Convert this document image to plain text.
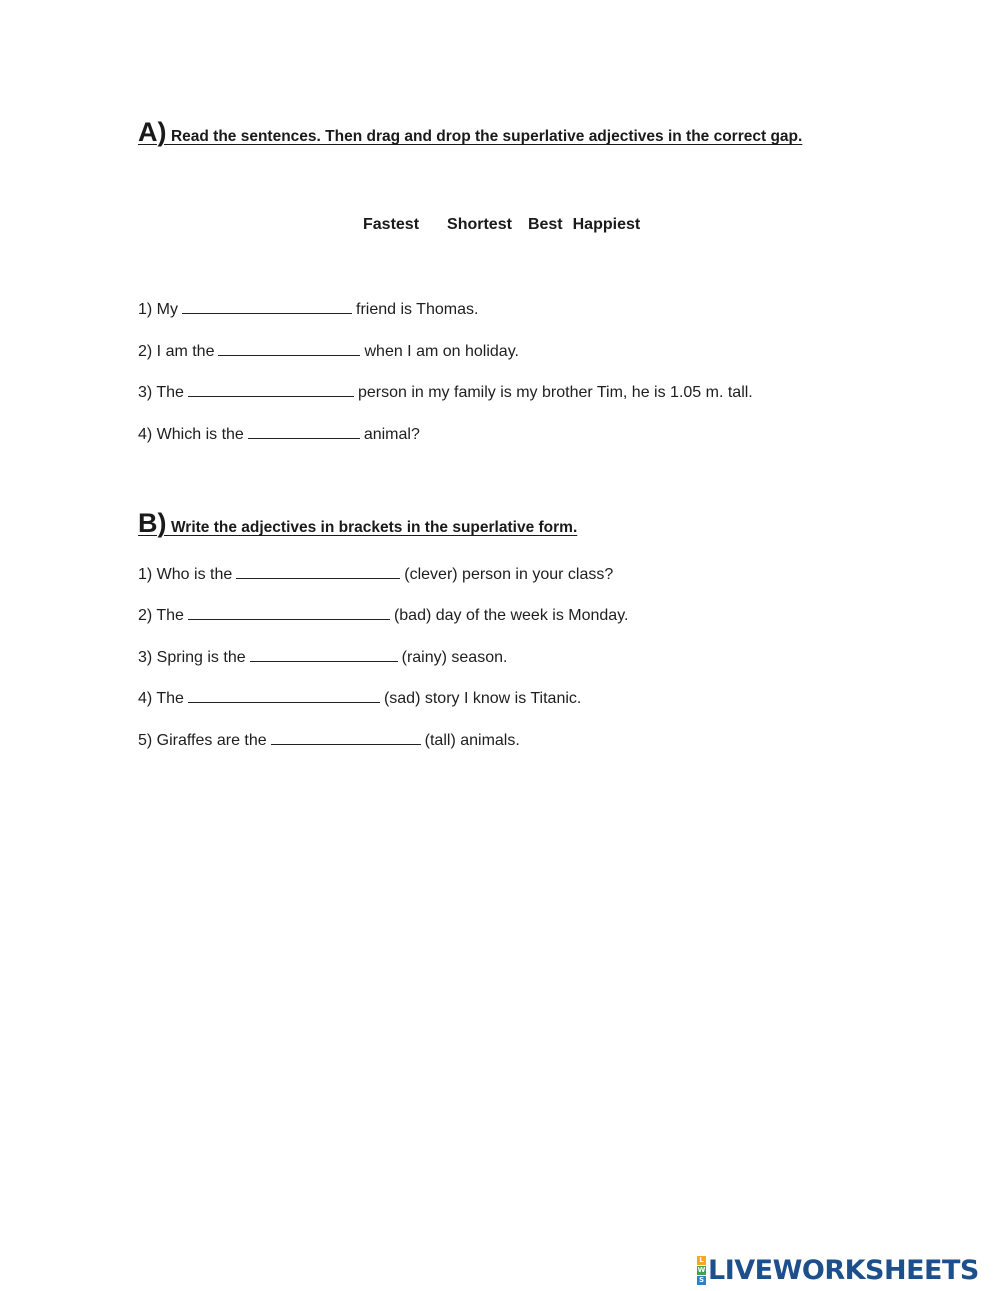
A) Read the sentences. Then drag and drop the superlative adjectives in the correct gap.
Fastest Shortest Best Happiest
1) My	friend is Thomas.
2) I am the	when I am on holiday.
3) The	person in my family is my brother Tim, he is 1.05 m. tall.
4) Which is the	animal?
B) Write the adjectives in brackets in the superlative form.
1) Who is the	(clever) person in your class?
2) The	(bad) day of the week is Monday.
3) Spring is the	(rainy) season.
4) The	(sad) story I know is Titanic.
5) Giraffes are the	(tall) animals.
L
W
S LIVEWORKSHEETS
